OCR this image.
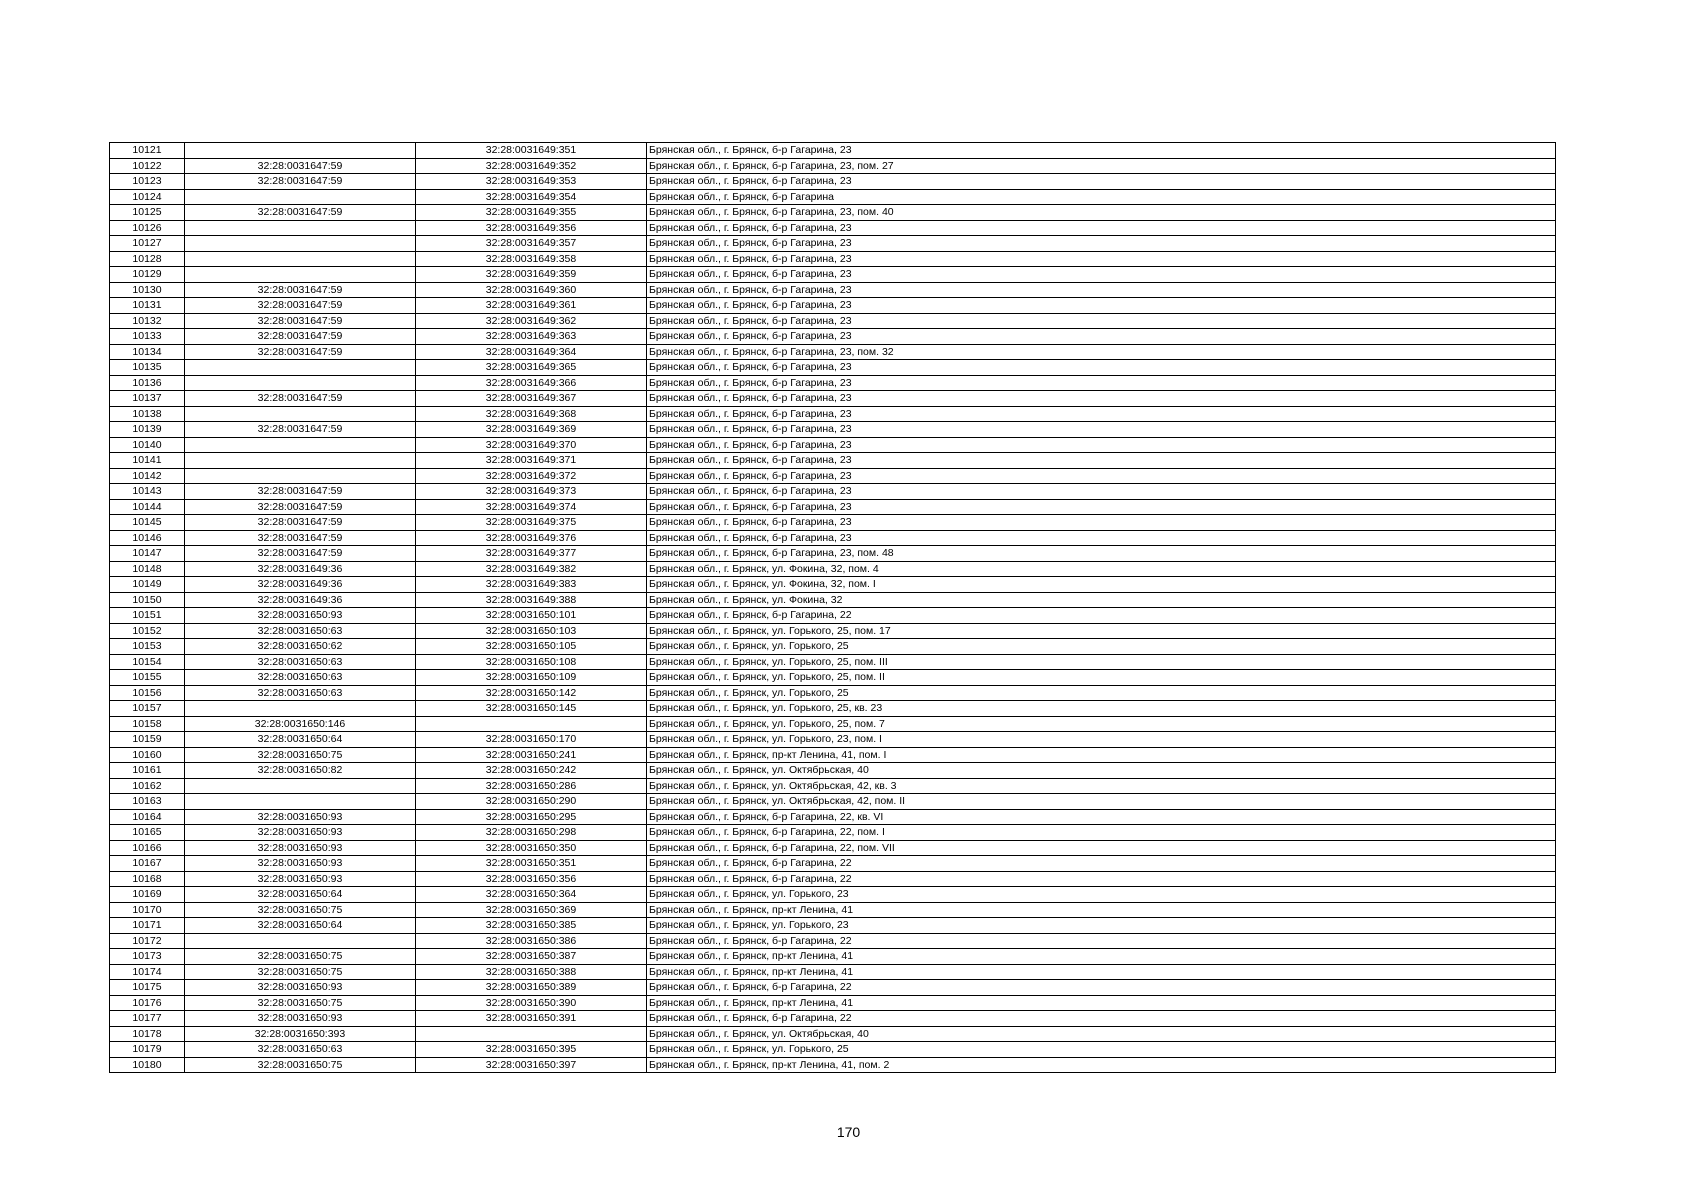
10121		32:28:0031649:351	Брянская обл., г. Брянск, б-р Гагарина, 23
10122	32:28:0031647:59	32:28:0031649:352	Брянская обл., г. Брянск, б-р Гагарина, 23, пом. 27
10123	32:28:0031647:59	32:28:0031649:353	Брянская обл., г. Брянск, б-р Гагарина, 23
10124		32:28:0031649:354	Брянская обл., г. Брянск, б-р Гагарина
10125	32:28:0031647:59	32:28:0031649:355	Брянская обл., г. Брянск, б-р Гагарина, 23, пом. 40
10126		32:28:0031649:356	Брянская обл., г. Брянск, б-р Гагарина, 23
10127		32:28:0031649:357	Брянская обл., г. Брянск, б-р Гагарина, 23
10128		32:28:0031649:358	Брянская обл., г. Брянск, б-р Гагарина, 23
10129		32:28:0031649:359	Брянская обл., г. Брянск, б-р Гагарина, 23
10130	32:28:0031647:59	32:28:0031649:360	Брянская обл., г. Брянск, б-р Гагарина, 23
10131	32:28:0031647:59	32:28:0031649:361	Брянская обл., г. Брянск, б-р Гагарина, 23
10132	32:28:0031647:59	32:28:0031649:362	Брянская обл., г. Брянск, б-р Гагарина, 23
10133	32:28:0031647:59	32:28:0031649:363	Брянская обл., г. Брянск, б-р Гагарина, 23
10134	32:28:0031647:59	32:28:0031649:364	Брянская обл., г. Брянск, б-р Гагарина, 23, пом. 32
10135		32:28:0031649:365	Брянская обл., г. Брянск, б-р Гагарина, 23
10136		32:28:0031649:366	Брянская обл., г. Брянск, б-р Гагарина, 23
10137	32:28:0031647:59	32:28:0031649:367	Брянская обл., г. Брянск, б-р Гагарина, 23
10138		32:28:0031649:368	Брянская обл., г. Брянск, б-р Гагарина, 23
10139	32:28:0031647:59	32:28:0031649:369	Брянская обл., г. Брянск, б-р Гагарина, 23
10140		32:28:0031649:370	Брянская обл., г. Брянск, б-р Гагарина, 23
10141		32:28:0031649:371	Брянская обл., г. Брянск, б-р Гагарина, 23
10142		32:28:0031649:372	Брянская обл., г. Брянск, б-р Гагарина, 23
10143	32:28:0031647:59	32:28:0031649:373	Брянская обл., г. Брянск, б-р Гагарина, 23
10144	32:28:0031647:59	32:28:0031649:374	Брянская обл., г. Брянск, б-р Гагарина, 23
10145	32:28:0031647:59	32:28:0031649:375	Брянская обл., г. Брянск, б-р Гагарина, 23
10146	32:28:0031647:59	32:28:0031649:376	Брянская обл., г. Брянск, б-р Гагарина, 23
10147	32:28:0031647:59	32:28:0031649:377	Брянская обл., г. Брянск, б-р Гагарина, 23, пом. 48
10148	32:28:0031649:36	32:28:0031649:382	Брянская обл., г. Брянск, ул. Фокина, 32, пом. 4
10149	32:28:0031649:36	32:28:0031649:383	Брянская обл., г. Брянск, ул. Фокина, 32, пом. I
10150	32:28:0031649:36	32:28:0031649:388	Брянская обл., г. Брянск, ул. Фокина, 32
10151	32:28:0031650:93	32:28:0031650:101	Брянская обл., г. Брянск, б-р Гагарина, 22
10152	32:28:0031650:63	32:28:0031650:103	Брянская обл., г. Брянск, ул. Горького, 25, пом. 17
10153	32:28:0031650:62	32:28:0031650:105	Брянская обл., г. Брянск, ул. Горького, 25
10154	32:28:0031650:63	32:28:0031650:108	Брянская обл., г. Брянск, ул. Горького, 25, пом. III
10155	32:28:0031650:63	32:28:0031650:109	Брянская обл., г. Брянск, ул. Горького, 25, пом. II
10156	32:28:0031650:63	32:28:0031650:142	Брянская обл., г. Брянск, ул. Горького, 25
10157		32:28:0031650:145	Брянская обл., г. Брянск, ул. Горького, 25, кв. 23
10158	32:28:0031650:146		Брянская обл., г. Брянск, ул. Горького, 25, пом. 7
10159	32:28:0031650:64	32:28:0031650:170	Брянская обл., г. Брянск, ул. Горького, 23, пом. I
10160	32:28:0031650:75	32:28:0031650:241	Брянская обл., г. Брянск, пр-кт Ленина, 41, пом. I
10161	32:28:0031650:82	32:28:0031650:242	Брянская обл., г. Брянск, ул. Октябрьская, 40
10162		32:28:0031650:286	Брянская обл., г. Брянск, ул. Октябрьская, 42, кв. 3
10163		32:28:0031650:290	Брянская обл., г. Брянск, ул. Октябрьская, 42, пом. II
10164	32:28:0031650:93	32:28:0031650:295	Брянская обл., г. Брянск, б-р Гагарина, 22, кв. VI
10165	32:28:0031650:93	32:28:0031650:298	Брянская обл., г. Брянск, б-р Гагарина, 22, пом. I
10166	32:28:0031650:93	32:28:0031650:350	Брянская обл., г. Брянск, б-р Гагарина, 22, пом. VII
10167	32:28:0031650:93	32:28:0031650:351	Брянская обл., г. Брянск, б-р Гагарина, 22
10168	32:28:0031650:93	32:28:0031650:356	Брянская обл., г. Брянск, б-р Гагарина, 22
10169	32:28:0031650:64	32:28:0031650:364	Брянская обл., г. Брянск, ул. Горького, 23
10170	32:28:0031650:75	32:28:0031650:369	Брянская обл., г. Брянск, пр-кт Ленина, 41
10171	32:28:0031650:64	32:28:0031650:385	Брянская обл., г. Брянск, ул. Горького, 23
10172		32:28:0031650:386	Брянская обл., г. Брянск, б-р Гагарина, 22
10173	32:28:0031650:75	32:28:0031650:387	Брянская обл., г. Брянск, пр-кт Ленина, 41
10174	32:28:0031650:75	32:28:0031650:388	Брянская обл., г. Брянск, пр-кт Ленина, 41
10175	32:28:0031650:93	32:28:0031650:389	Брянская обл., г. Брянск, б-р Гагарина, 22
10176	32:28:0031650:75	32:28:0031650:390	Брянская обл., г. Брянск, пр-кт Ленина, 41
10177	32:28:0031650:93	32:28:0031650:391	Брянская обл., г. Брянск, б-р Гагарина, 22
10178	32:28:0031650:393		Брянская обл., г. Брянск, ул. Октябрьская, 40
10179	32:28:0031650:63	32:28:0031650:395	Брянская обл., г. Брянск, ул. Горького, 25
10180	32:28:0031650:75	32:28:0031650:397	Брянская обл., г. Брянск, пр-кт Ленина, 41, пом. 2
170
